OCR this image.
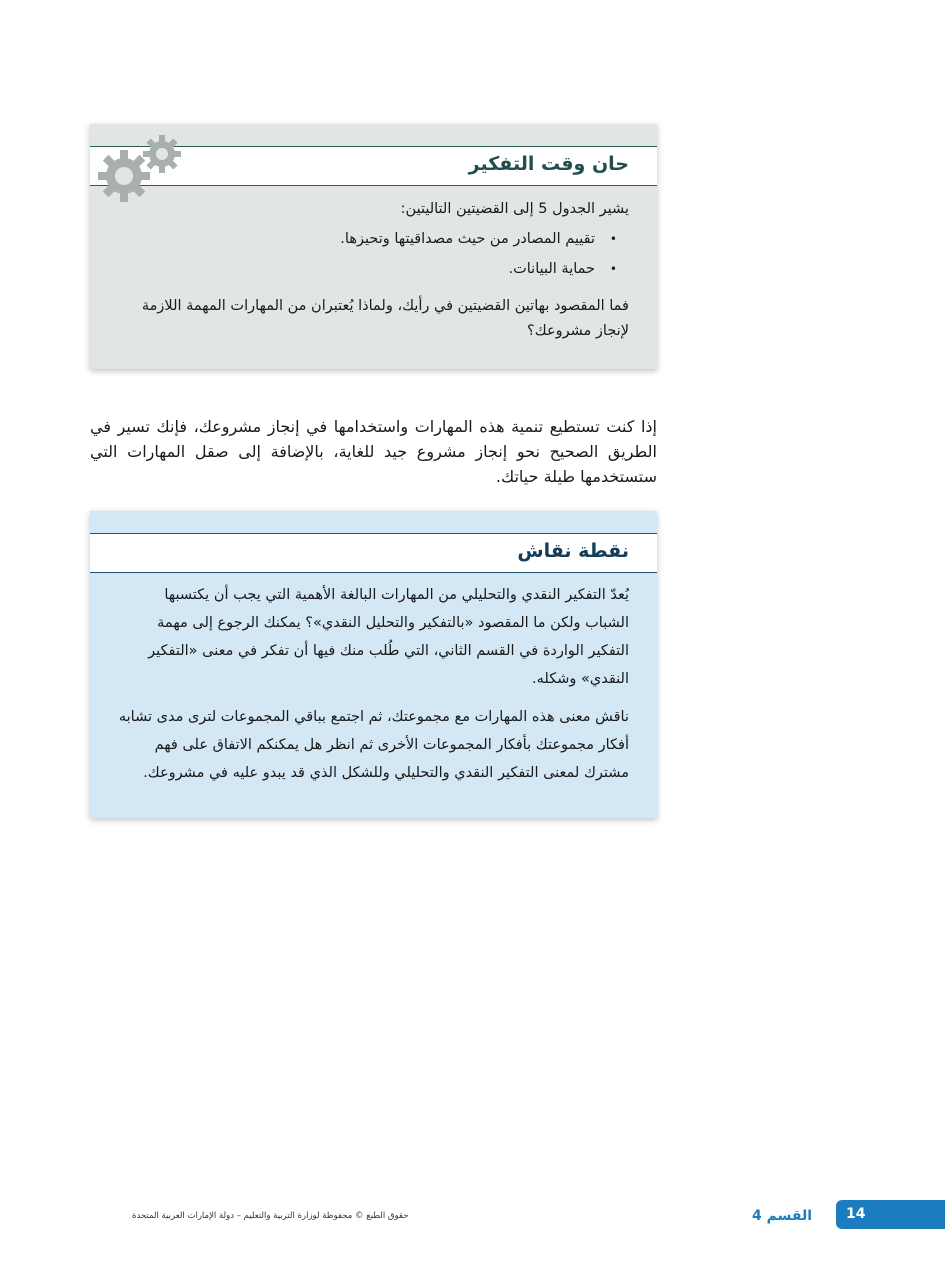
حان وقت التفكير

يشير الجدول 5 إلى القضيتين التاليتين:

• تقييم المصادر من حيث مصداقيتها وتحيزها.
• حماية البيانات.

فما المقصود بهاتين القضيتين في رأيك، ولماذا يُعتبران من المهارات المهمة اللازمة لإنجاز مشروعك؟

إذا كنت تستطيع تنمية هذه المهارات واستخدامها في إنجاز مشروعك، فإنك تسير في الطريق الصحيح نحو إنجاز مشروع جيد للغاية، بالإضافة إلى صقل المهارات التي ستستخدمها طيلة حياتك.

نقطة نقاش

يُعدّ التفكير النقدي والتحليلي من المهارات البالغة الأهمية التي يجب أن يكتسبها الشباب ولكن ما المقصود «بالتفكير والتحليل النقدي»؟ يمكنك الرجوع إلى مهمة التفكير الواردة في القسم الثاني، التي طُلب منك فيها أن تفكر في معنى «التفكير النقدي» وشكله.

ناقش معنى هذه المهارات مع مجموعتك، ثم اجتمع بباقي المجموعات لترى مدى تشابه أفكار مجموعتك بأفكار المجموعات الأخرى ثم انظر هل يمكنكم الاتفاق على فهم مشترك لمعنى التفكير النقدي والتحليلي وللشكل الذي قد يبدو عليه في مشروعك.

14
القسم 4
حقوق الطبع © محفوظة لوزارة التربية والتعليم – دولة الإمارات العربية المتحدة
